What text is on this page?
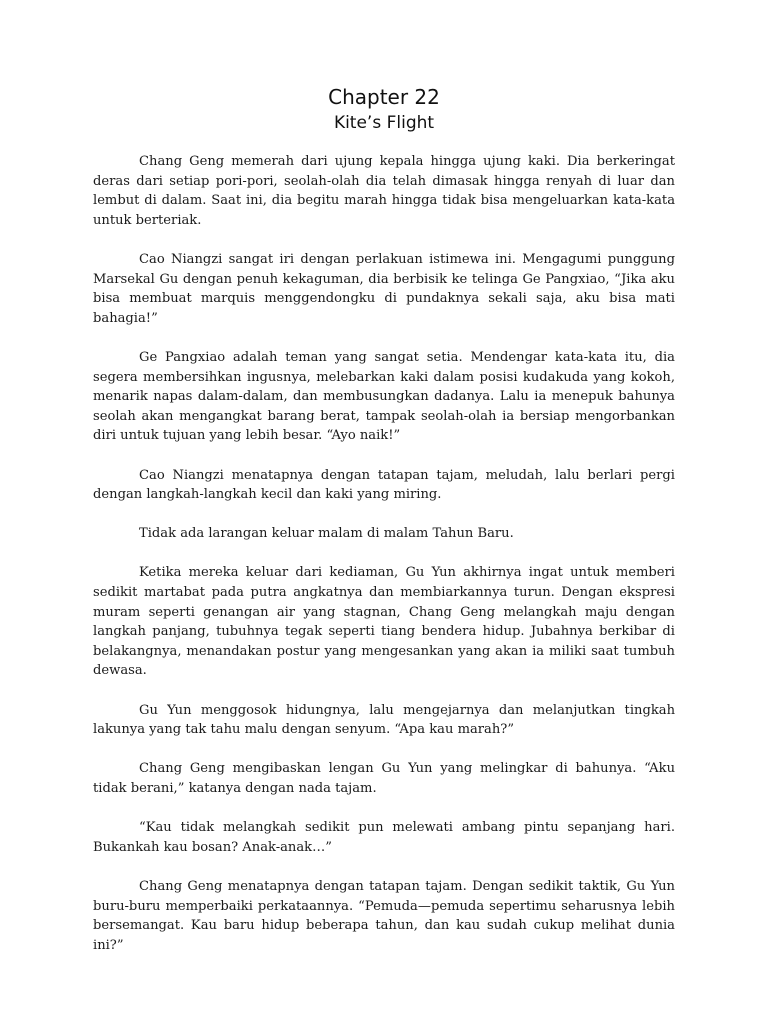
Chapter 22
Kite’s Flight

Chang Geng memerah dari ujung kepala hingga ujung kaki. Dia berkeringat deras dari setiap pori-pori, seolah-olah dia telah dimasak hingga renyah di luar dan lembut di dalam. Saat ini, dia begitu marah hingga tidak bisa mengeluarkan kata-kata untuk berteriak.

Cao Niangzi sangat iri dengan perlakuan istimewa ini. Mengagumi punggung Marsekal Gu dengan penuh kekaguman, dia berbisik ke telinga Ge Pangxiao, “Jika aku bisa membuat marquis menggendongku di pundaknya sekali saja, aku bisa mati bahagia!”

Ge Pangxiao adalah teman yang sangat setia. Mendengar kata-kata itu, dia segera membersihkan ingusnya, melebarkan kaki dalam posisi kudakuda yang kokoh, menarik napas dalam-dalam, dan membusungkan dadanya. Lalu ia menepuk bahunya seolah akan mengangkat barang berat, tampak seolah-olah ia bersiap mengorbankan diri untuk tujuan yang lebih besar. “Ayo naik!”

Cao Niangzi menatapnya dengan tatapan tajam, meludah, lalu berlari pergi dengan langkah-langkah kecil dan kaki yang miring.

Tidak ada larangan keluar malam di malam Tahun Baru.

Ketika mereka keluar dari kediaman, Gu Yun akhirnya ingat untuk memberi sedikit martabat pada putra angkatnya dan membiarkannya turun. Dengan ekspresi muram seperti genangan air yang stagnan, Chang Geng melangkah maju dengan langkah panjang, tubuhnya tegak seperti tiang bendera hidup. Jubahnya berkibar di belakangnya, menandakan postur yang mengesankan yang akan ia miliki saat tumbuh dewasa.

Gu Yun menggosok hidungnya, lalu mengejarnya dan melanjutkan tingkah lakunya yang tak tahu malu dengan senyum. “Apa kau marah?”

Chang Geng mengibaskan lengan Gu Yun yang melingkar di bahunya. “Aku tidak berani,” katanya dengan nada tajam.

“Kau tidak melangkah sedikit pun melewati ambang pintu sepanjang hari. Bukankah kau bosan? Anak-anak…”

Chang Geng menatapnya dengan tatapan tajam. Dengan sedikit taktik, Gu Yun buru-buru memperbaiki perkataannya. “Pemuda—pemuda sepertimu seharusnya lebih bersemangat. Kau baru hidup beberapa tahun, dan kau sudah cukup melihat dunia ini?”
